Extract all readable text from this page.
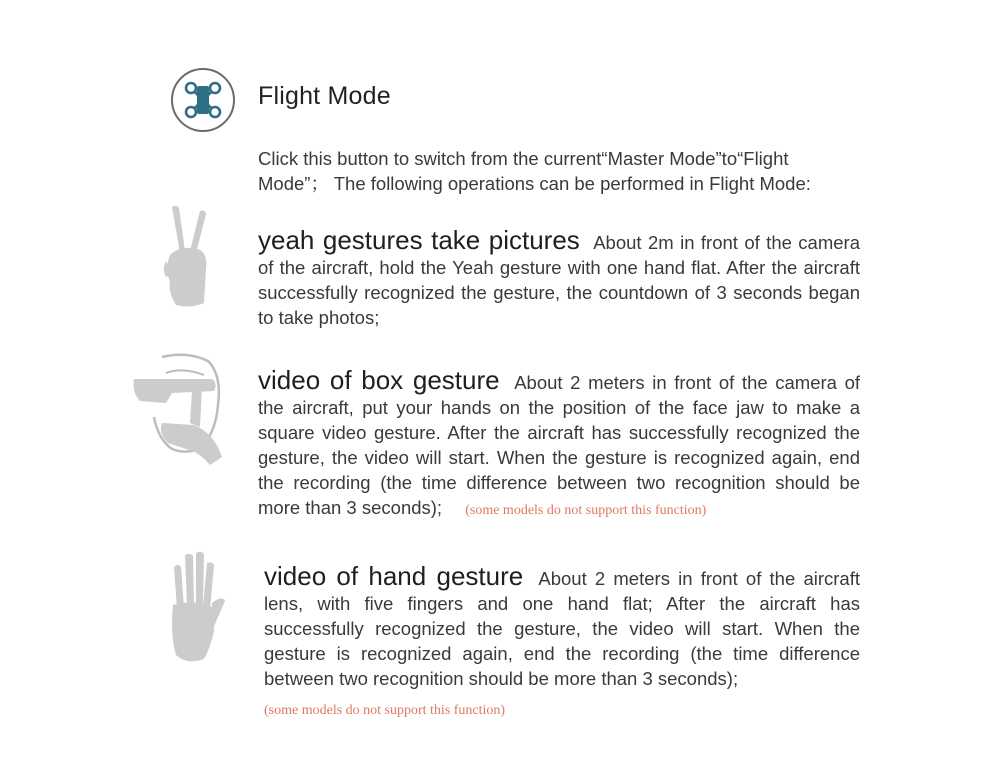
Flight Mode
Click this button to switch from the current“Master Mode”to“Flight Mode”； The following operations can be performed in Flight Mode:
yeah gestures take pictures About 2m in front of the camera of the aircraft, hold the Yeah gesture with one hand flat. After the aircraft successfully recognized the gesture, the countdown of 3 seconds began to take photos;
video of box gesture About 2 meters in front of the camera of the aircraft, put your hands on the position of the face jaw to make a square video gesture. After the aircraft has successfully recognized the gesture, the video will start. When the gesture is recognized again, end the recording (the time difference between two recognition should be more than 3 seconds); (some models do not support this function)
video of hand gesture About 2 meters in front of the aircraft lens, with five fingers and one hand flat; After the aircraft has successfully recognized the gesture, the video will start. When the gesture is recognized again, end the recording (the time difference between two recognition should be more than 3 seconds);
(some models do not support this function)
